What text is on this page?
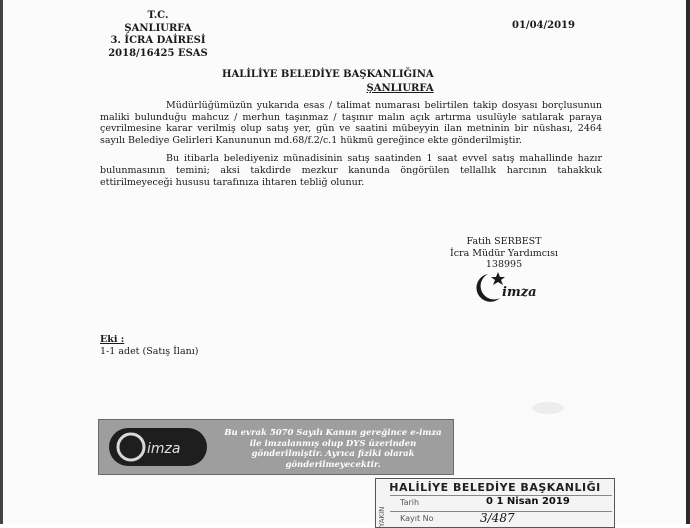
T.C.
ŞANLIURFA
3. İCRA DAİRESİ
2018/16425 ESAS
01/04/2019
HALİLİYE BELEDİYE BAŞKANLIĞINA
ŞANLIURFA

Müdürlüğümüzün yukarıda esas / talimat numarası belirtilen takip dosyası borçlusunun maliki bulunduğu mahcuz / merhun taşınmaz / taşınır malın açık artırma usulüyle satılarak paraya çevrilmesine karar verilmiş olup satış yer, gün ve saatini mübeyyin ilan metninin bir nüshası, 2464 sayılı Belediye Gelirleri Kanununun md.68/f.2/c.1 hükmü gereğince ekte gönderilmiştir.

Bu itibarla belediyeniz münadisinin satış saatinden 1 saat evvel satış mahallinde hazır bulunmasının temini; aksi takdirde mezkur kanunda öngörülen tellallık harcının tahakkuk ettirilmeyeceği hususu tarafınıza ihtaren tebliğ olunur.

Fatih SERBEST
İcra Müdür Yardımcısı
138995
imza
Eki :
1-1 adet (Satış İlanı)
imza
Bu evrak 5070 Sayılı Kanun gereğince e-imza ile imzalanmış olup DYS üzerinden gönderilmiştir. Ayrıca fiziki olarak gönderilmeyecektir.
HALİLİYE BELEDİYE BAŞKANLIĞI
YAKIN
Tarih	0 1 Nisan 2019
Kayıt No	3/487
